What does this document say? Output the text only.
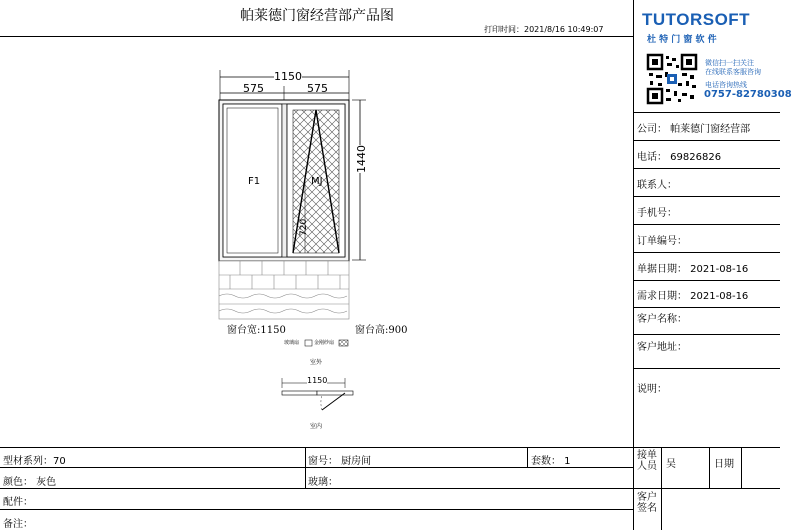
帕莱德门窗经营部产品图
打印时间：2021/8/16 10:49:07
TUTORSOFT
杜 特 门 窗 软 件
微信扫一扫关注
在线联系客服咨询
电话咨询热线
0757-82780308
公司： 帕莱德门窗经营部
电话： 69826826
联系人：
手机号：
订单编号：
单据日期： 2021-08-16
需求日期： 2021-08-16
客户名称：
客户地址：
说明：
1150
575	575
1440
720
F1	MJ
窗台宽:1150	窗台高:900
玻璃扇	金刚纱扇
室外
1150
室内
型材系列：70	窗号： 厨房间	套数： 1
颜色： 灰色	玻璃：
配件：
备注：
接单人员 吴	日期
客户签名
